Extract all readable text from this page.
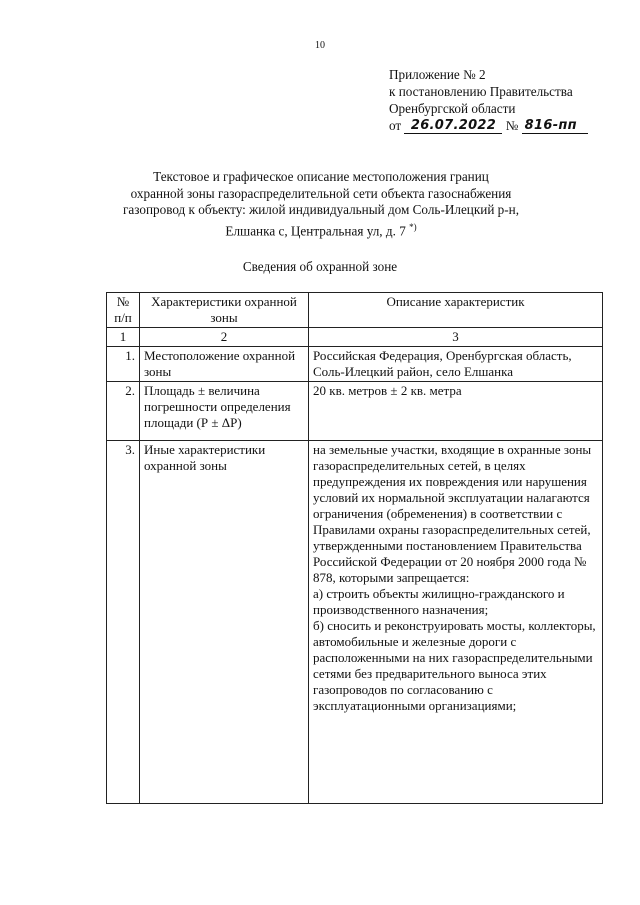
10
Приложение № 2
к постановлению Правительства
Оренбургской области
от
26.07.2022
№
816-пп
Текстовое и графическое описание местоположения границ
охранной зоны газораспределительной сети объекта газоснабжения
газопровод к объекту: жилой индивидуальный дом Соль-Илецкий р-н,
Елшанка с, Центральная ул, д. 7 *)
Сведения об охранной зоне
№ п/п	Характеристики охранной зоны	Описание характеристик
1	2	3
1.	Местоположение охранной зоны	Российская Федерация, Оренбургская область, Соль-Илецкий район, село Елшанка
2.	Площадь ± величина погрешности определения площади (Р ± ΔР)	20 кв. метров ± 2 кв. метра
3.	Иные характеристики охранной зоны	на земельные участки, входящие в охранные зоны газораспределительных сетей, в целях предупреждения их повреждения или нарушения условий их нормальной эксплуатации налагаются ограничения (обременения) в соответствии с Правилами охраны газораспределительных сетей, утвержденными постановлением Правительства Российской Федерации от 20 ноября 2000 года № 878, которыми запрещается:
а) строить объекты жилищно-гражданского и производственного назначения;
б) сносить и реконструировать мосты, коллекторы, автомобильные и железные дороги с расположенными на них газораспределительными сетями без предварительного выноса этих газопроводов по согласованию с эксплуатационными организациями;
